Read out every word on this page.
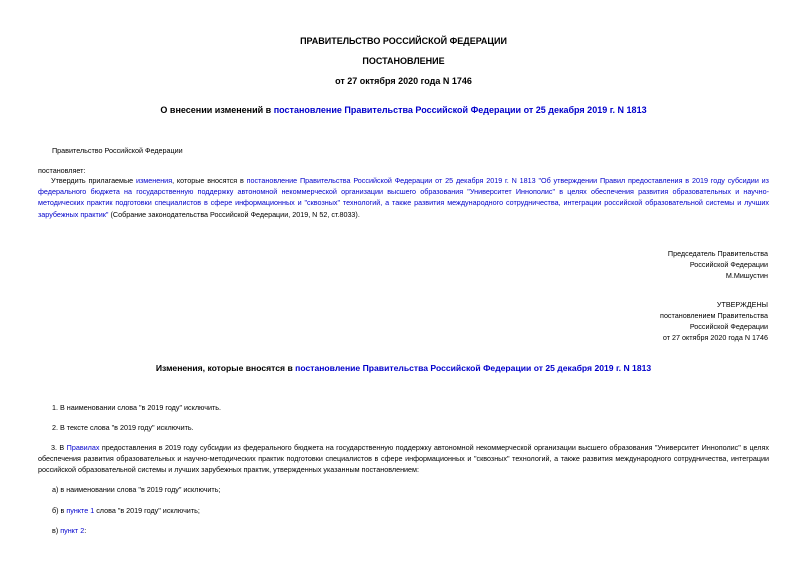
ПРАВИТЕЛЬСТВО РОССИЙСКОЙ ФЕДЕРАЦИИ
ПОСТАНОВЛЕНИЕ
от 27 октября 2020 года N 1746
О внесении изменений в постановление Правительства Российской Федерации от 25 декабря 2019 г. N 1813
Правительство Российской Федерации
постановляет:
Утвердить прилагаемые изменения, которые вносятся в постановление Правительства Российской Федерации от 25 декабря 2019 г. N 1813 "Об утверждении Правил предоставления в 2019 году субсидии из федерального бюджета на государственную поддержку автономной некоммерческой организации высшего образования "Университет Иннополис" в целях обеспечения развития образовательных и научно-методических практик подготовки специалистов в сфере информационных и "сквозных" технологий, а также развития международного сотрудничества, интеграции российской образовательной системы и лучших зарубежных практик" (Собрание законодательства Российской Федерации, 2019, N 52, ст.8033).
Председатель Правительства
Российской Федерации
М.Мишустин
УТВЕРЖДЕНЫ
постановлением Правительства
Российской Федерации
от 27 октября 2020 года N 1746
Изменения, которые вносятся в постановление Правительства Российской Федерации от 25 декабря 2019 г. N 1813
1. В наименовании слова "в 2019 году" исключить.
2. В тексте слова "в 2019 году" исключить.
3. В Правилах предоставления в 2019 году субсидии из федерального бюджета на государственную поддержку автономной некоммерческой организации высшего образования "Университет Иннополис" в целях обеспечения развития образовательных и научно-методических практик подготовки специалистов в сфере информационных и "сквозных" технологий, а также развития международного сотрудничества, интеграции российской образовательной системы и лучших зарубежных практик, утвержденных указанным постановлением:
а) в наименовании слова "в 2019 году" исключить;
б) в пункте 1 слова "в 2019 году" исключить;
в) пункт 2:
